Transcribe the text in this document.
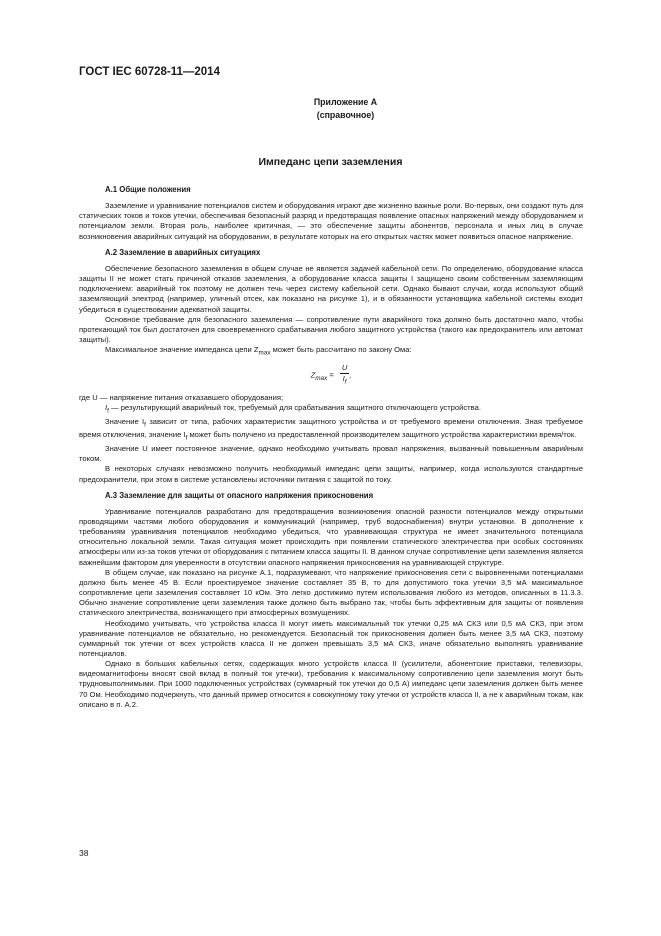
ГОСТ IEC 60728-11—2014
Приложение А
(справочное)
Импеданс цепи заземления
А.1 Общие положения

Заземление и уравнивание потенциалов систем и оборудования играют две жизненно важные роли. Во-первых, они создают путь для статических токов и токов утечки, обеспечивая безопасный разряд и предотвращая появление опасных напряжений между оборудованием и потенциалом земли. Вторая роль, наиболее критичная, — это обеспечение защиты абонентов, персонала и иных лиц в случае возникновения аварийных ситуаций на оборудовании, в результате которых на его открытых частях может появиться опасное напряжение.

А.2 Заземление в аварийных ситуациях

Обеспечение безопасного заземления в общем случае не является задачей кабельной сети. По определению, оборудование класса защиты II не может стать причиной отказов заземления, а оборудование класса защиты I защищено своим собственным заземляющим подключением: аварийный ток поэтому не должен течь через систему кабельной сети. Однако бывают случаи, когда используют общий заземляющий электрод (например, уличный отсек, как показано на рисунке 1), и в обязанности установщика кабельной системы входит убедиться в существовании адекватной защиты.

Основное требование для безопасного заземления — сопротивление пути аварийного тока должно быть достаточно мало, чтобы протекающий ток был достаточен для своевременного срабатывания любого защитного устройства (такого как предохранитель или автомат защиты).

Максимальное значение импеданса цепи $Z_{max}$ может быть рассчитано по закону Ома:

$Z_{max} = \frac{U}{I_f}$ ,

где U — напряжение питания отказавшего оборудования;

$I_f$ — результирующий аварийный ток, требуемый для срабатывания защитного отключающего устройства.

Значение $I_f$ зависит от типа, рабочих характеристик защитного устройства и от требуемого времени отключения. Зная требуемое время отключения, значение $I_f$ может быть получено из предоставленной производителем защитного устройства характеристики время/ток.

Значение U имеет постоянное значение, однако необходимо учитывать провал напряжения, вызванный повышенным аварийным током.

В некоторых случаях невозможно получить необходимый импеданс цепи защиты, например, когда используются стандартные предохранители, при этом в системе установлены источники питания с защитой по току.

А.3 Заземление для защиты от опасного напряжения прикосновения

Уравнивание потенциалов разработано для предотвращения возникновения опасной разности потенциалов между открытыми проводящими частями любого оборудования и коммуникаций (например, труб водоснабжения) внутри установки. В дополнение к требованиям уравнивания потенциалов необходимо убедиться, что уравнивающая структура не имеет значительного потенциала относительно локальной земли. Такая ситуация может происходить при появлении статического электричества при особых состояниях атмосферы или из-за токов утечки от оборудования с питанием класса защиты II. В данном случае сопротивление цепи заземления является важнейшим фактором для уверенности в отсутствии опасного напряжения прикосновения на уравнивающей структуре.

В общем случае, как показано на рисунке А.1, подразумевают, что напряжение прикосновения сети с выровненными потенциалами должно быть менее 45 В. Если проектируемое значение составляет 35 В, то для допустимого тока утечки 3,5 мА максимальное сопротивление цепи заземления составляет 10 кОм. Это легко достижимо путем использования любого из методов, описанных в 11.3.3. Обычно значение сопротивление цепи заземления также должно быть выбрано так, чтобы быть эффективным для защиты от появления статического электричества, возникающего при атмосферных возмущениях.

Необходимо учитывать, что устройства класса II могут иметь максимальный ток утечки 0,25 мА СКЗ или 0,5 мА СКЗ, при этом уравнивание потенциалов не обязательно, но рекомендуется. Безопасный ток прикосновения должен быть менее 3,5 мА СКЗ, поэтому суммарный ток утечки от всех устройств класса II не должен превышать 3,5 мА СКЗ, иначе обязательно выполнять уравнивание потенциалов.

Однако в больших кабельных сетях, содержащих много устройств класса II (усилители, абонентские приставки, телевизоры, видеомагнитофоны вносят свой вклад в полный ток утечки), требования к максимальному сопротивлению цепи заземления могут быть трудновыполнимыми. При 1000 подключенных устройствах (суммарный ток утечки до 0,5 А) импеданс цепи заземления должен быть менее 70 Ом. Необходимо подчеркнуть, что данный пример относится к совокупному току утечки от устройств класса II, а не к аварийным токам, как описано в п. А.2.

38
